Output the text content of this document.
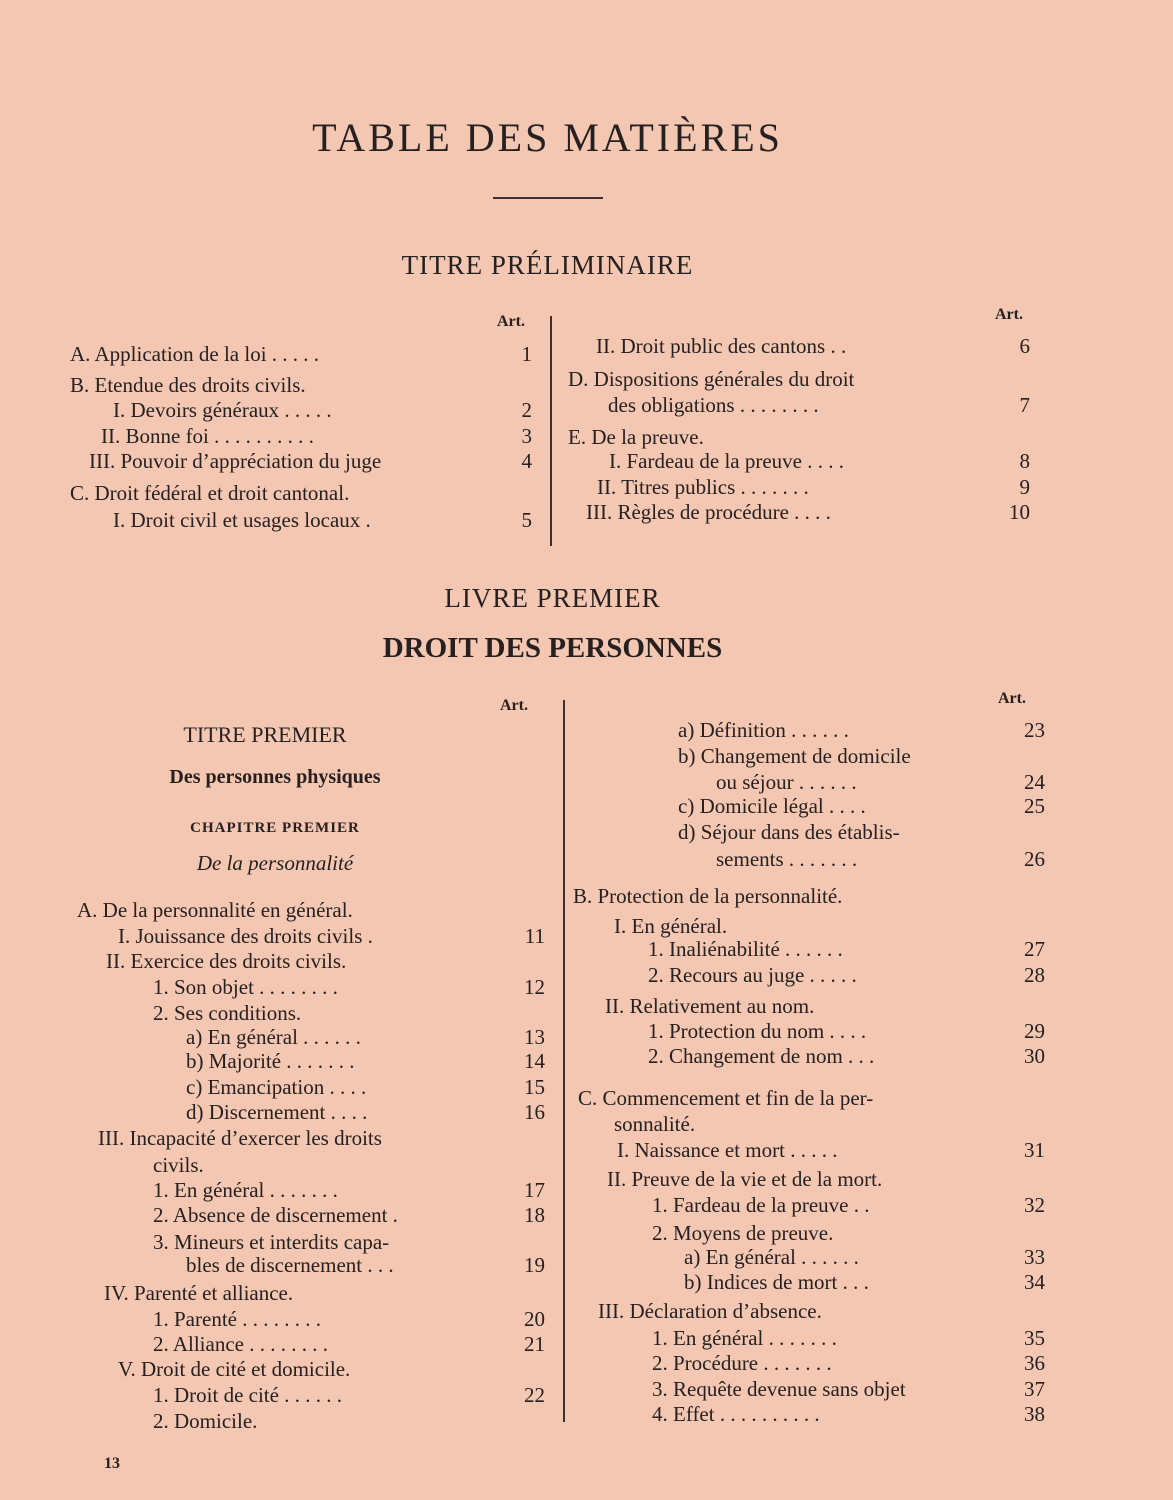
TABLE DES MATIÈRES
TITRE PRÉLIMINAIRE
Art.	Art.
A. Application de la loi . . . . .	1
B. Etendue des droits civils.
I. Devoirs généraux . . . . .	2
II. Bonne foi . . . . . . . . . .	3
III. Pouvoir d’appréciation du juge	4
C. Droit fédéral et droit cantonal.
I. Droit civil et usages locaux .	5
II. Droit public des cantons . .	6
D. Dispositions générales du droit
des obligations . . . . . . . .	7
E. De la preuve.
I. Fardeau de la preuve . . . .	8
II. Titres publics . . . . . . .	9
III. Règles de procédure . . . .	10
LIVRE PREMIER
DROIT DES PERSONNES
Art.	Art.
TITRE PREMIER
Des personnes physiques
CHAPITRE PREMIER
De la personnalité
A. De la personnalité en général.
I. Jouissance des droits civils .	11
II. Exercice des droits civils.
1. Son objet . . . . . . . .	12
2. Ses conditions.
a) En général . . . . . .	13
b) Majorité . . . . . . .	14
c) Emancipation . . . .	15
d) Discernement . . . .	16
III. Incapacité d’exercer les droits
civils.
1. En général . . . . . . .	17
2. Absence de discernement .	18
3. Mineurs et interdits capa-
bles de discernement . . .	19
IV. Parenté et alliance.
1. Parenté . . . . . . . .	20
2. Alliance . . . . . . . .	21
V. Droit de cité et domicile.
1. Droit de cité . . . . . .	22
2. Domicile.
a) Définition . . . . . .	23
b) Changement de domicile
ou séjour . . . . . .	24
c) Domicile légal . . . .	25
d) Séjour dans des établis-
sements . . . . . . .	26
B. Protection de la personnalité.
I. En général.
1. Inaliénabilité . . . . . .	27
2. Recours au juge . . . . .	28
II. Relativement au nom.
1. Protection du nom . . . .	29
2. Changement de nom . . .	30
C. Commencement et fin de la per-
sonnalité.
I. Naissance et mort . . . . .	31
II. Preuve de la vie et de la mort.
1. Fardeau de la preuve . .	32
2. Moyens de preuve.
a) En général . . . . . .	33
b) Indices de mort . . .	34
III. Déclaration d’absence.
1. En général . . . . . . .	35
2. Procédure . . . . . . .	36
3. Requête devenue sans objet	37
4. Effet . . . . . . . . . .	38
13
